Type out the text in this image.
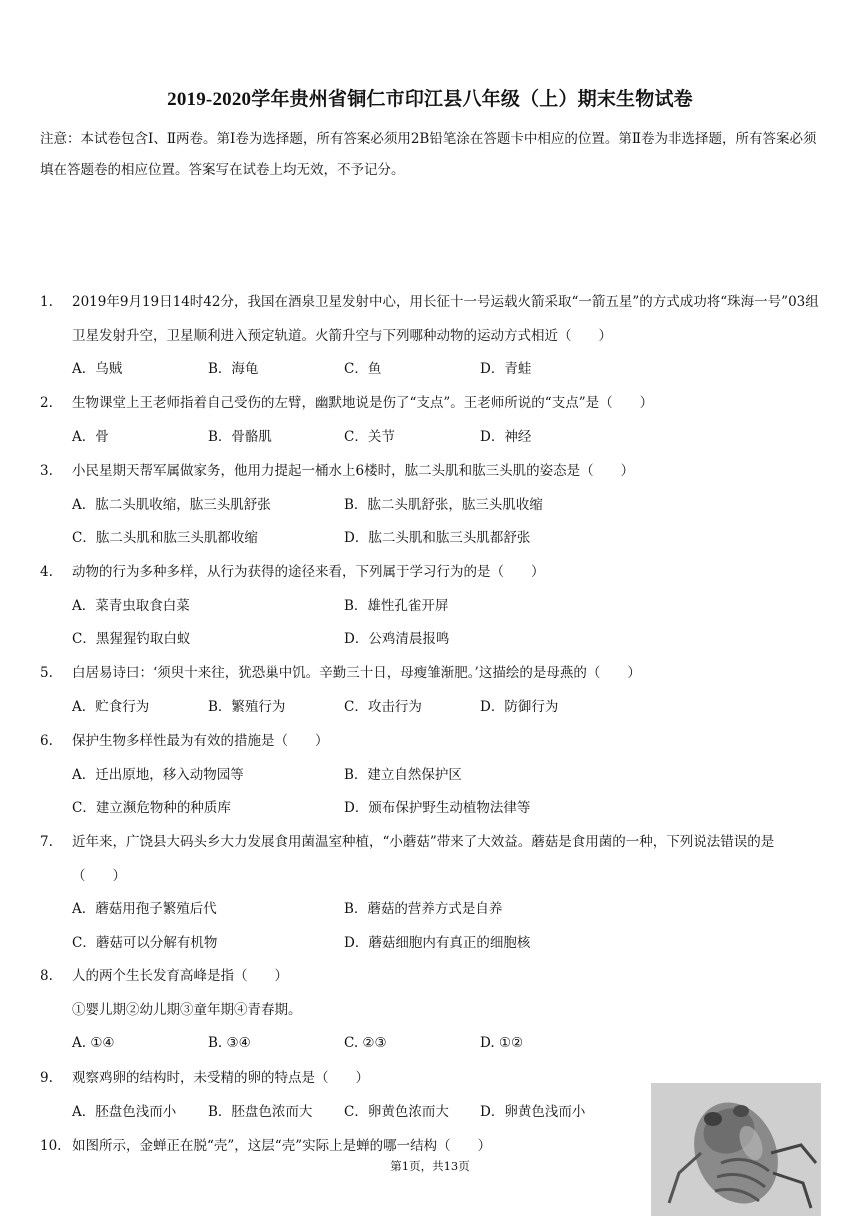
2019-2020学年贵州省铜仁市印江县八年级（上）期末生物试卷
注意：本试卷包含Ⅰ、Ⅱ两卷。第Ⅰ卷为选择题，所有答案必须用2B铅笔涂在答题卡中相应的位置。第Ⅱ卷为非选择题，所有答案必须填在答题卷的相应位置。答案写在试卷上均无效，不予记分。
1.	2019年9月19日14时42分，我国在酒泉卫星发射中心，用长征十一号运载火箭采取“一箭五星”的方式成功将“珠海一号”03组卫星发射升空，卫星顺利进入预定轨道。火箭升空与下列哪种动物的运动方式相近（　　）
A．乌贼	B．海龟	C．鱼	D．青蛙
2.	生物课堂上王老师指着自己受伤的左臂，幽默地说是伤了“支点”。王老师所说的“支点”是（　　）
A．骨	B．骨骼肌	C．关节	D．神经
3.	小民星期天帮军属做家务，他用力提起一桶水上6楼时，肱二头肌和肱三头肌的姿态是（　　）
A．肱二头肌收缩，肱三头肌舒张	B．肱二头肌舒张，肱三头肌收缩
C．肱二头肌和肱三头肌都收缩	D．肱二头肌和肱三头肌都舒张
4.	动物的行为多种多样，从行为获得的途径来看，下列属于学习行为的是（　　）
A．菜青虫取食白菜	B．雄性孔雀开屏
C．黑猩猩钓取白蚁	D．公鸡清晨报鸣
5.	白居易诗曰：‘须臾十来往，犹恐巢中饥。辛勤三十日，母瘦雏渐肥。’这描绘的是母燕的（　　）
A．贮食行为	B．繁殖行为	C．攻击行为	D．防御行为
6.	保护生物多样性最为有效的措施是（　　）
A．迁出原地，移入动物园等	B．建立自然保护区
C．建立濒危物种的种质库	D．颁布保护野生动植物法律等
7.	近年来，广饶县大码头乡大力发展食用菌温室种植，“小蘑菇”带来了大效益。蘑菇是食用菌的一种，下列说法错误的是（　　）
A．蘑菇用孢子繁殖后代	B．蘑菇的营养方式是自养
C．蘑菇可以分解有机物	D．蘑菇细胞内有真正的细胞核
8.	人的两个生长发育高峰是指（　　）
①婴儿期②幼儿期③童年期④青春期。
A. ①④	B. ③④	C. ②③	D. ①②
9.	观察鸡卵的结构时，未受精的卵的特点是（　　）
A．胚盘色浅而小 B．胚盘色浓而大 C．卵黄色浓而大 D．卵黄色浅而小
10. 如图所示，金蝉正在脱“壳”，这层“壳”实际上是蝉的哪一结构（　　）
第1页，共13页
